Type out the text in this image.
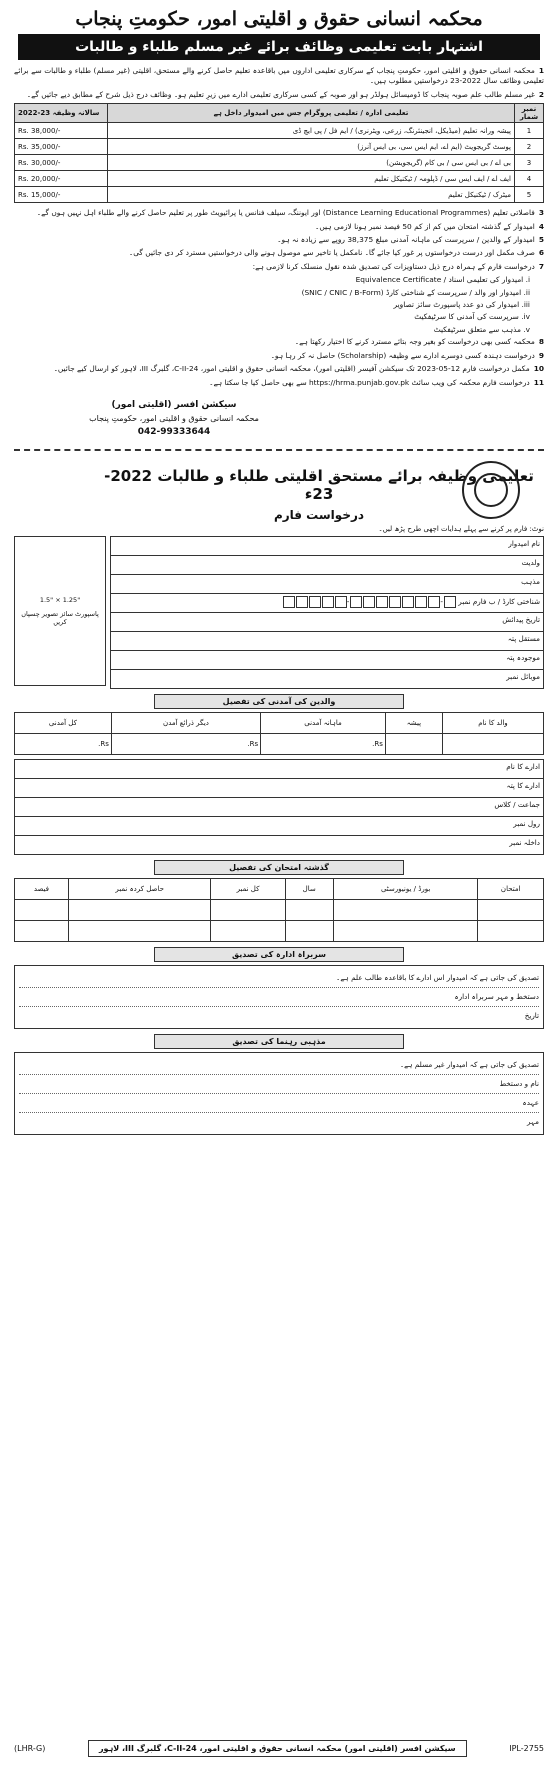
محکمہ انسانی حقوق و اقلیتی امور، حکومتِ پنجاب
اشتہار بابت تعلیمی وظائف برائے غیر مسلم طلباء و طالبات

1محکمہ انسانی حقوق و اقلیتی امور، حکومتِ پنجاب کے سرکاری تعلیمی اداروں میں باقاعدہ تعلیم حاصل کرنے والے مستحق، اقلیتی (غیر مسلم) طلباء و طالبات سے برائے تعلیمی وظائف سال 2022-23 درخواستیں مطلوب ہیں۔

2غیر مسلم طالب علم صوبہ پنجاب کا ڈومیسائل ہولڈر ہو اور صوبہ کے کسی سرکاری تعلیمی ادارے میں زیرِ تعلیم ہو۔ وظائف درج ذیل شرح کے مطابق دیے جائیں گے۔

نمبر شمار	تعلیمی ادارہ / تعلیمی پروگرام جس میں امیدوار داخل ہے	2022-23 سالانہ وظیفہ
1	پیشہ ورانہ تعلیم (میڈیکل، انجینئرنگ، زرعی، ویٹرنری) / ایم فل / پی ایچ ڈی	Rs. 38,000/-
2	پوسٹ گریجویٹ (ایم اے، ایم ایس سی، بی ایس آنرز)	Rs. 35,000/-
3	بی اے / بی ایس سی / بی کام (گریجویشن)	Rs. 30,000/-
4	ایف اے / ایف ایس سی / ڈپلومہ / ٹیکنیکل تعلیم	Rs. 20,000/-
5	میٹرک / ٹیکنیکل تعلیم	Rs. 15,000/-

3فاصلاتی تعلیم (Distance Learning Educational Programmes) اور ایوننگ، سیلف فنانس یا پرائیویٹ طور پر تعلیم حاصل کرنے والے طلباء اہل نہیں ہوں گے۔

4امیدوار کے گذشتہ امتحان میں کم از کم 50 فیصد نمبر ہونا لازمی ہیں۔

5امیدوار کے والدین / سرپرست کی ماہانہ آمدنی مبلغ 38,375 روپے سے زیادہ نہ ہو۔

6صرف مکمل اور درست درخواستوں پر غور کیا جائے گا۔ نامکمل یا تاخیر سے موصول ہونے والی درخواستیں مسترد کر دی جائیں گی۔

7درخواست فارم کے ہمراہ درج ذیل دستاویزات کی تصدیق شدہ نقول منسلک کرنا لازمی ہے:

i. امیدوار کی تعلیمی اسناد / Equivalence Certificate
ii. امیدوار اور والد / سرپرست کے شناختی کارڈ (SNIC / CNIC / B-Form)
iii. امیدوار کی دو عدد پاسپورٹ سائز تصاویر
iv. سرپرست کی آمدنی کا سرٹیفکیٹ
v. مذہب سے متعلق سرٹیفکیٹ

8محکمہ کسی بھی درخواست کو بغیر وجہ بتائے مسترد کرنے کا اختیار رکھتا ہے۔

9درخواست دہندہ کسی دوسرے ادارے سے وظیفہ (Scholarship) حاصل نہ کر رہا ہو۔

10مکمل درخواست فارم 12-05-2023 تک سیکشن آفیسر (اقلیتی امور)، محکمہ انسانی حقوق و اقلیتی امور، 24-C-II، گلبرگ III، لاہور کو ارسال کیے جائیں۔

11درخواست فارم محکمہ کی ویب سائٹ https://hrma.punjab.gov.pk سے بھی حاصل کیا جا سکتا ہے۔

سیکشن افسر (اقلیتی امور)
محکمہ انسانی حقوق و اقلیتی امور، حکومتِ پنجاب
042-99333644
تعلیمی وظیفہ برائے مستحق اقلیتی طلباء و طالبات 2022-23ء
درخواست فارم
نوٹ: فارم پر کرنے سے پہلے ہدایات اچھی طرح پڑھ لیں۔
1.5" × 1.25"
پاسپورٹ سائز تصویر چسپاں کریں
نام امیدوار
ولدیت
مذہب
شناختی کارڈ / ب فارم نمبر -	-
تاریخ پیدائش
مستقل پتہ
موجودہ پتہ
موبائل نمبر
والدین کی آمدنی کی تفصیل
والد کا نام	پیشہ	ماہانہ آمدنی	دیگر ذرائع آمدن	کل آمدنی
		Rs.	Rs.	Rs.
ادارے کا نام
ادارے کا پتہ
جماعت / کلاس
رول نمبر
داخلہ نمبر
گذشتہ امتحان کی تفصیل
امتحان	بورڈ / یونیورسٹی	سال	کل نمبر	حاصل کردہ نمبر	فیصد

سربراہ ادارہ کی تصدیق
تصدیق کی جاتی ہے کہ امیدوار اس ادارے کا باقاعدہ طالب علم ہے۔
دستخط و مہر سربراہ ادارہ
تاریخ
مذہبی رہنما کی تصدیق
تصدیق کی جاتی ہے کہ امیدوار غیر مسلم ہے۔
نام و دستخط
عہدہ
مہر
(LHR-G)	سیکشن افسر (اقلیتی امور) محکمہ انسانی حقوق و اقلیتی امور، 24-C-II، گلبرگ III، لاہور	IPL-2755
